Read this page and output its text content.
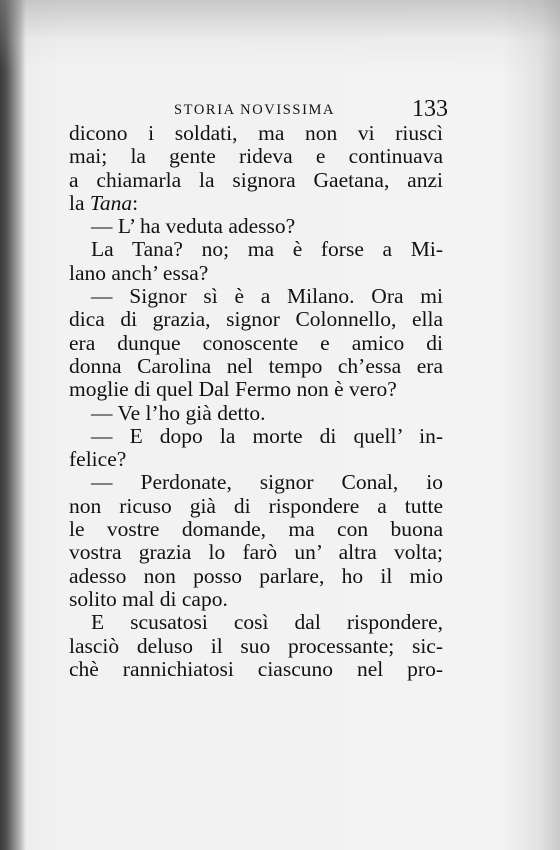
STORIA NOVISSIMA	133
dicono i soldati, ma non vi riuscì
mai; la gente rideva e continuava
a chiamarla la signora Gaetana, anzi
la Tana:
— L’ ha veduta adesso?
La Tana? no; ma è forse a Mi-
lano anch’ essa?
— Signor sì è a Milano. Ora mi
dica di grazia, signor Colonnello, ella
era dunque conoscente e amico di
donna Carolina nel tempo ch’essa era
moglie di quel Dal Fermo non è vero?
— Ve l’ho già detto.
— E dopo la morte di quell’ in-
felice?
— Perdonate, signor Conal, io
non ricuso già di rispondere a tutte
le vostre domande, ma con buona
vostra grazia lo farò un’ altra volta;
adesso non posso parlare, ho il mio
solito mal di capo.
E scusatosi così dal rispondere,
lasciò deluso il suo processante; sic-
chè rannichiatosi ciascuno nel pro-
